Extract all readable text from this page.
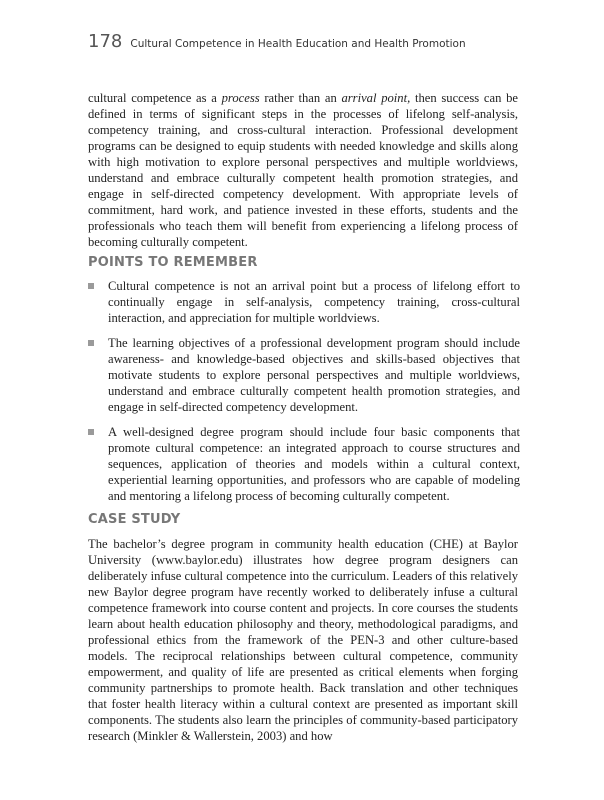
178 Cultural Competence in Health Education and Health Promotion

cultural competence as a process rather than an arrival point, then success can be defined in terms of significant steps in the processes of lifelong self-analysis, competency training, and cross-cultural interaction. Professional development programs can be designed to equip students with needed knowledge and skills along with high motivation to explore personal perspectives and multiple worldviews, understand and embrace culturally competent health promotion strategies, and engage in self-directed competency development. With appropriate levels of commitment, hard work, and patience invested in these efforts, students and the professionals who teach them will benefit from experiencing a lifelong process of becoming culturally competent.

POINTS TO REMEMBER
Cultural competence is not an arrival point but a process of lifelong effort to continually engage in self-analysis, competency training, cross-cultural interaction, and appreciation for multiple worldviews.
The learning objectives of a professional development program should include awareness- and knowledge-based objectives and skills-based objectives that motivate students to explore personal perspectives and multiple worldviews, understand and embrace culturally competent health promotion strategies, and engage in self-directed competency development.
A well-designed degree program should include four basic components that promote cultural competence: an integrated approach to course structures and sequences, application of theories and models within a cultural context, experiential learning opportunities, and professors who are capable of modeling and mentoring a lifelong process of becoming culturally competent.
CASE STUDY

The bachelor’s degree program in community health education (CHE) at Baylor University (www.baylor.edu) illustrates how degree program designers can deliberately infuse cultural competence into the curriculum. Leaders of this relatively new Baylor degree program have recently worked to deliberately infuse a cultural competence framework into course content and projects. In core courses the students learn about health education philosophy and theory, methodological paradigms, and professional ethics from the framework of the PEN-3 and other culture-based models. The reciprocal relationships between cultural competence, community empowerment, and quality of life are presented as critical elements when forging community partnerships to promote health. Back translation and other techniques that foster health literacy within a cultural context are presented as important skill components. The students also learn the principles of community-based participatory research (Minkler & Wallerstein, 2003) and how
